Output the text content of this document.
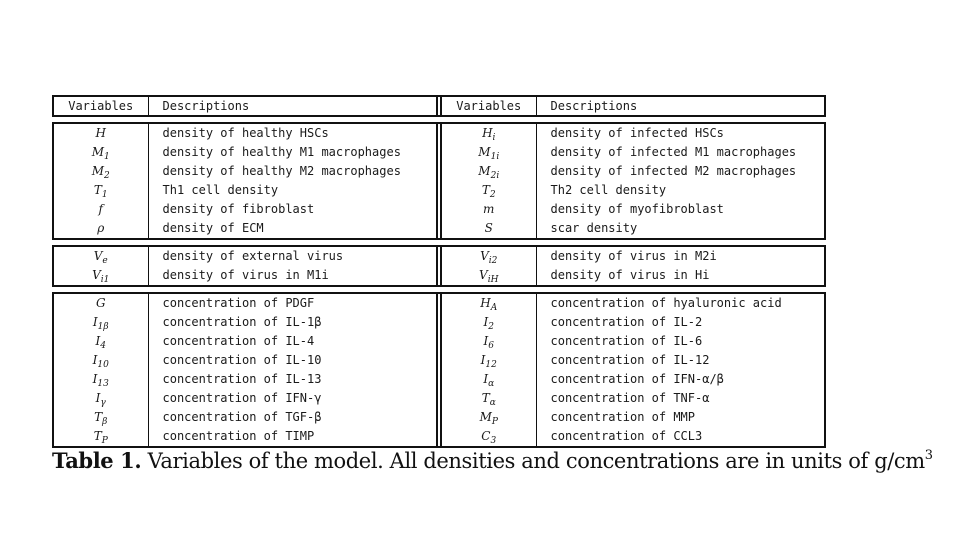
Variables	Descriptions		Variables	Descriptions

H	density of healthy HSCs		$H_i$	density of infected HSCs
$M_1$	density of healthy M1 macrophages		$M_{1i}$	density of infected M1 macrophages
$M_2$	density of healthy M2 macrophages		$M_{2i}$	density of infected M2 macrophages
$T_1$	Th1 cell density		$T_2$	Th2 cell density
f	density of fibroblast		m	density of myofibroblast
ρ	density of ECM		S	scar density

$V_e$	density of external virus		$V_{i2}$	density of virus in M2i
$V_{i1}$	density of virus in M1i		$V_{iH}$	density of virus in Hi

G	concentration of PDGF		$H_A$	concentration of hyaluronic acid
$I_{1\beta}$	concentration of IL-1β		$I_2$	concentration of IL-2
$I_4$	concentration of IL-4		$I_6$	concentration of IL-6
$I_{10}$	concentration of IL-10		$I_{12}$	concentration of IL-12
$I_{13}$	concentration of IL-13		$I_\alpha$	concentration of IFN-α/β
$I_\gamma$	concentration of IFN-γ		$T_\alpha$	concentration of TNF-α
$T_\beta$	concentration of TGF-β		$M_P$	concentration of MMP
$T_P$	concentration of TIMP		$C_3$	concentration of CCL3
Table 1. Variables of the model. All densities and concentrations are in units of $g/cm^3$
